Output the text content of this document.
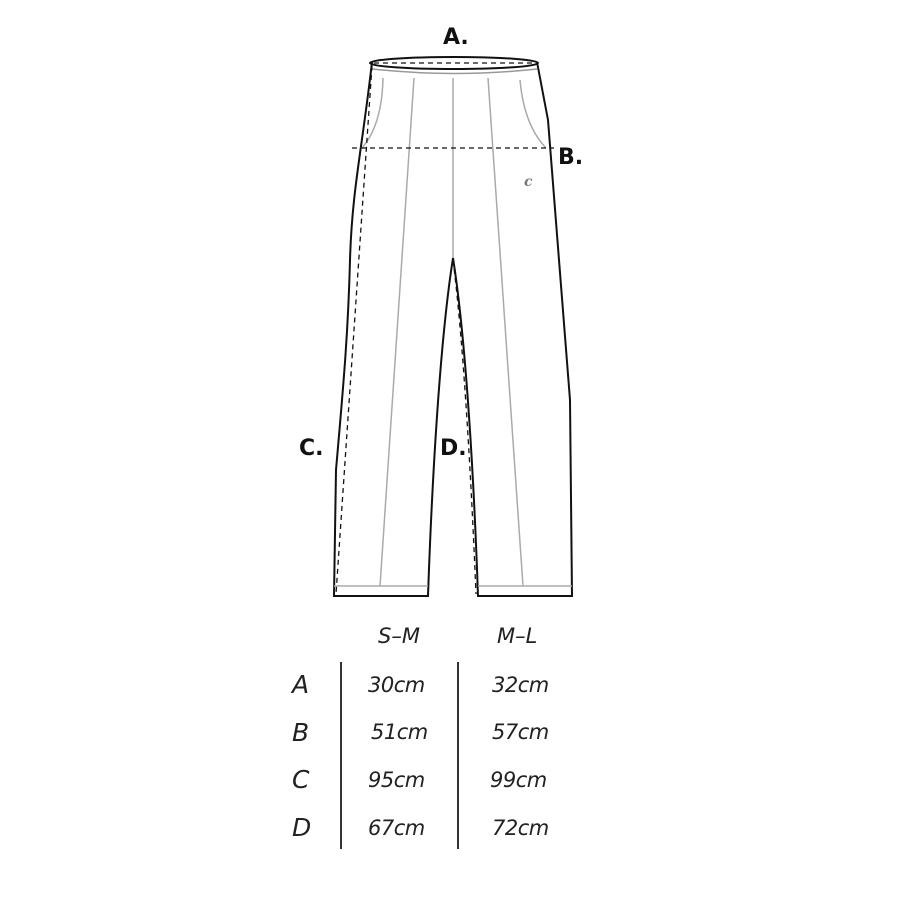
A.
B.
C.	D.
c
S–M	M–L
A	30cm	32cm
B	51cm	57cm
C	95cm	99cm
D	67cm	72cm
